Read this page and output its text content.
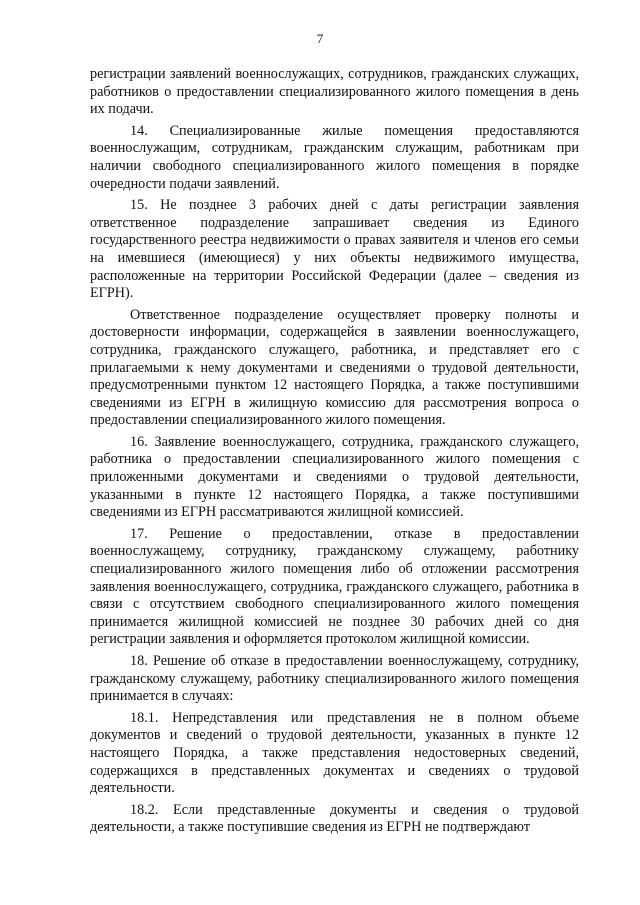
7

регистрации заявлений военнослужащих, сотрудников, гражданских служащих, работников о предоставлении специализированного жилого помещения в день их подачи.

14. Специализированные жилые помещения предоставляются военнослужащим, сотрудникам, гражданским служащим, работникам при наличии свободного специализированного жилого помещения в порядке очередности подачи заявлений.

15. Не позднее 3 рабочих дней с даты регистрации заявления ответственное подразделение запрашивает сведения из Единого государственного реестра недвижимости о правах заявителя и членов его семьи на имевшиеся (имеющиеся) у них объекты недвижимого имущества, расположенные на территории Российской Федерации (далее – сведения из ЕГРН).

Ответственное подразделение осуществляет проверку полноты и достоверности информации, содержащейся в заявлении военнослужащего, сотрудника, гражданского служащего, работника, и представляет его с прилагаемыми к нему документами и сведениями о трудовой деятельности, предусмотренными пунктом 12 настоящего Порядка, а также поступившими сведениями из ЕГРН в жилищную комиссию для рассмотрения вопроса о предоставлении специализированного жилого помещения.

16. Заявление военнослужащего, сотрудника, гражданского служащего, работника о предоставлении специализированного жилого помещения с приложенными документами и сведениями о трудовой деятельности, указанными в пункте 12 настоящего Порядка, а также поступившими сведениями из ЕГРН рассматриваются жилищной комиссией.

17. Решение о предоставлении, отказе в предоставлении военнослужащему, сотруднику, гражданскому служащему, работнику специализированного жилого помещения либо об отложении рассмотрения заявления военнослужащего, сотрудника, гражданского служащего, работника в связи с отсутствием свободного специализированного жилого помещения принимается жилищной комиссией не позднее 30 рабочих дней со дня регистрации заявления и оформляется протоколом жилищной комиссии.

18. Решение об отказе в предоставлении военнослужащему, сотруднику, гражданскому служащему, работнику специализированного жилого помещения принимается в случаях:

18.1. Непредставления или представления не в полном объеме документов и сведений о трудовой деятельности, указанных в пункте 12 настоящего Порядка, а также представления недостоверных сведений, содержащихся в представленных документах и сведениях о трудовой деятельности.

18.2. Если представленные документы и сведения о трудовой деятельности, а также поступившие сведения из ЕГРН не подтверждают
